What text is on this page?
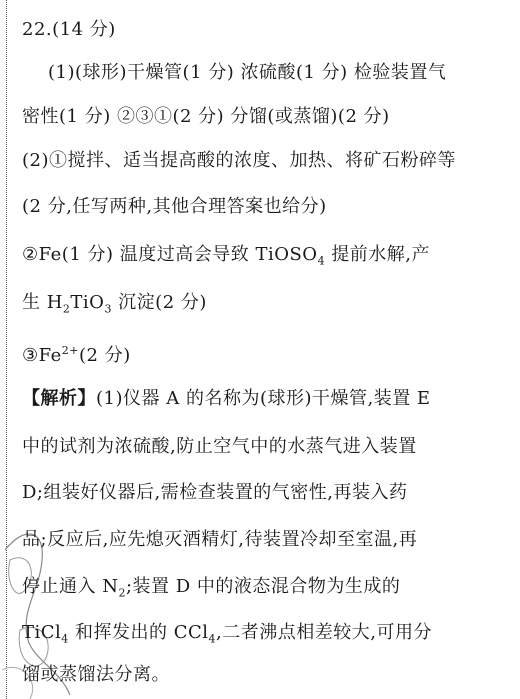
22.(14 分)
(1)(球形)干燥管(1 分) 浓硫酸(1 分) 检验装置气
密性(1 分) ②③①(2 分) 分馏(或蒸馏)(2 分)
(2)①搅拌、适当提高酸的浓度、加热、将矿石粉碎等
(2 分,任写两种,其他合理答案也给分)
②Fe(1 分) 温度过高会导致 TiOSO$_4$ 提前水解,产
生 $H_2TiO_3$ 沉淀(2 分)
$③Fe^{2+}(2$ 分)
【解析】(1)仪器 A 的名称为(球形)干燥管,装置 E
中的试剂为浓硫酸,防止空气中的水蒸气进入装置
D;组装好仪器后,需检查装置的气密性,再装入药
品;反应后,应先熄灭酒精灯,待装置冷却至室温,再
停止通入 $N_2$;装置 D 中的液态混合物为生成的
TiCl$_4$ 和挥发出的 CCl$_4$,二者沸点相差较大,可用分
馏或蒸馏法分离。
